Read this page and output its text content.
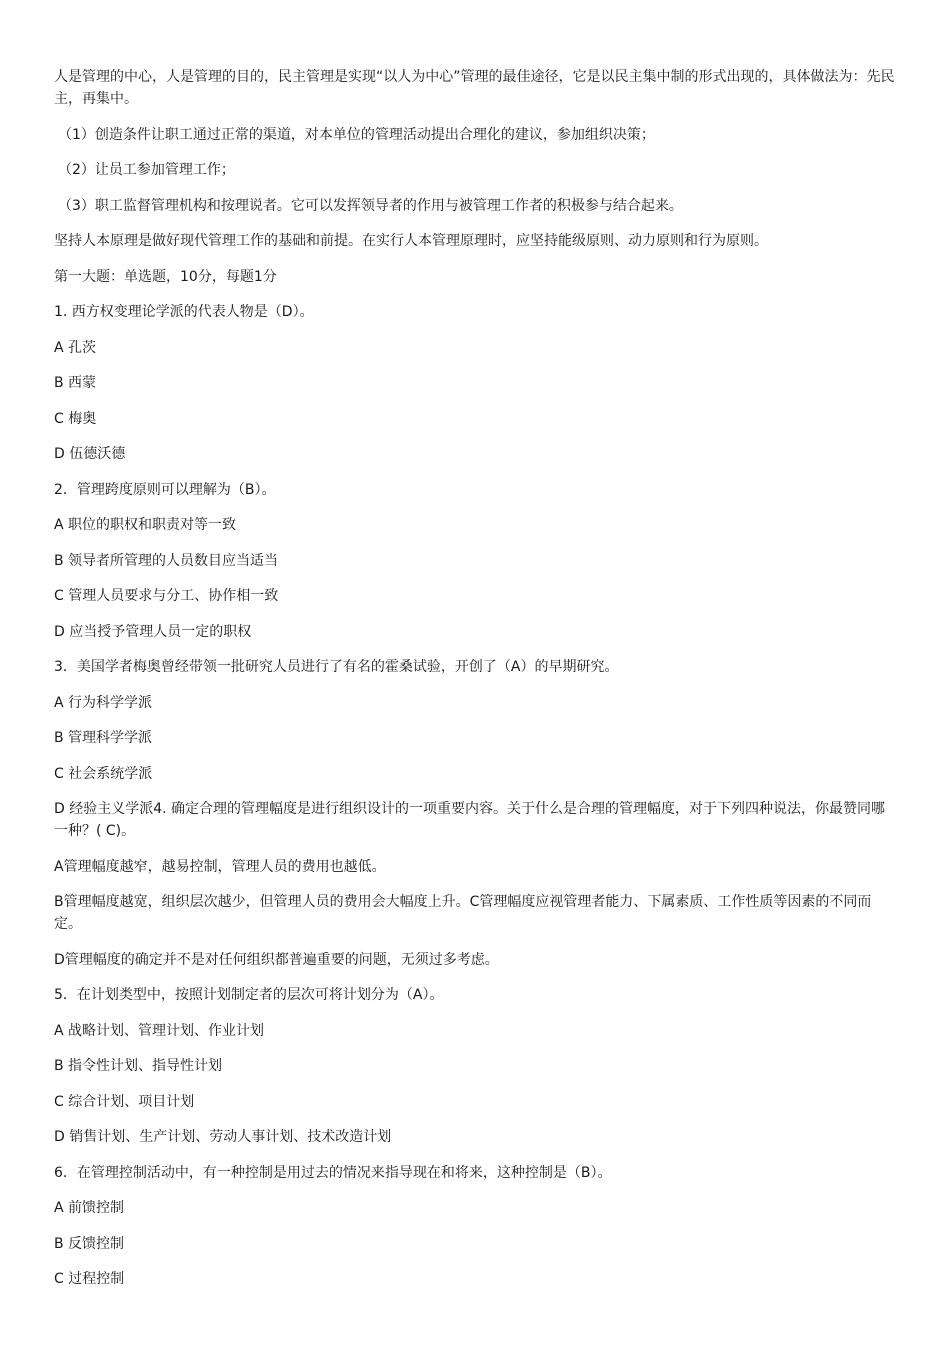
人是管理的中心，人是管理的目的，民主管理是实现“以人为中心”管理的最佳途径，它是以民主集中制的形式出现的，具体做法为：先民主，再集中。

（1）创造条件让职工通过正常的渠道，对本单位的管理活动提出合理化的建议，参加组织决策；

（2）让员工参加管理工作；

（3）职工监督管理机构和按理说者。它可以发挥领导者的作用与被管理工作者的积极参与结合起来。

坚持人本原理是做好现代管理工作的基础和前提。在实行人本管理原理时，应坚持能级原则、动力原则和行为原则。

第一大题：单选题，10分，每题1分

1. 西方权变理论学派的代表人物是（D）。

A 孔茨

B 西蒙

C 梅奥

D 伍德沃德

2．管理跨度原则可以理解为（B）。

A 职位的职权和职责对等一致

B 领导者所管理的人员数目应当适当

C 管理人员要求与分工、协作相一致

D 应当授予管理人员一定的职权

3．美国学者梅奥曾经带领一批研究人员进行了有名的霍桑试验，开创了（A）的早期研究。

A 行为科学学派

B 管理科学学派

C 社会系统学派

D 经验主义学派4. 确定合理的管理幅度是进行组织设计的一项重要内容。关于什么是合理的管理幅度，对于下列四种说法，你最赞同哪一种？( C)。

A管理幅度越窄，越易控制，管理人员的费用也越低。

B管理幅度越宽，组织层次越少，但管理人员的费用会大幅度上升。C管理幅度应视管理者能力、下属素质、工作性质等因素的不同而定。

D管理幅度的确定并不是对任何组织都普遍重要的问题，无须过多考虑。

5．在计划类型中，按照计划制定者的层次可将计划分为（A）。

A 战略计划、管理计划、作业计划

B 指令性计划、指导性计划

C 综合计划、项目计划

D 销售计划、生产计划、劳动人事计划、技术改造计划

6．在管理控制活动中，有一种控制是用过去的情况来指导现在和将来，这种控制是（B）。

A 前馈控制

B 反馈控制

C 过程控制
